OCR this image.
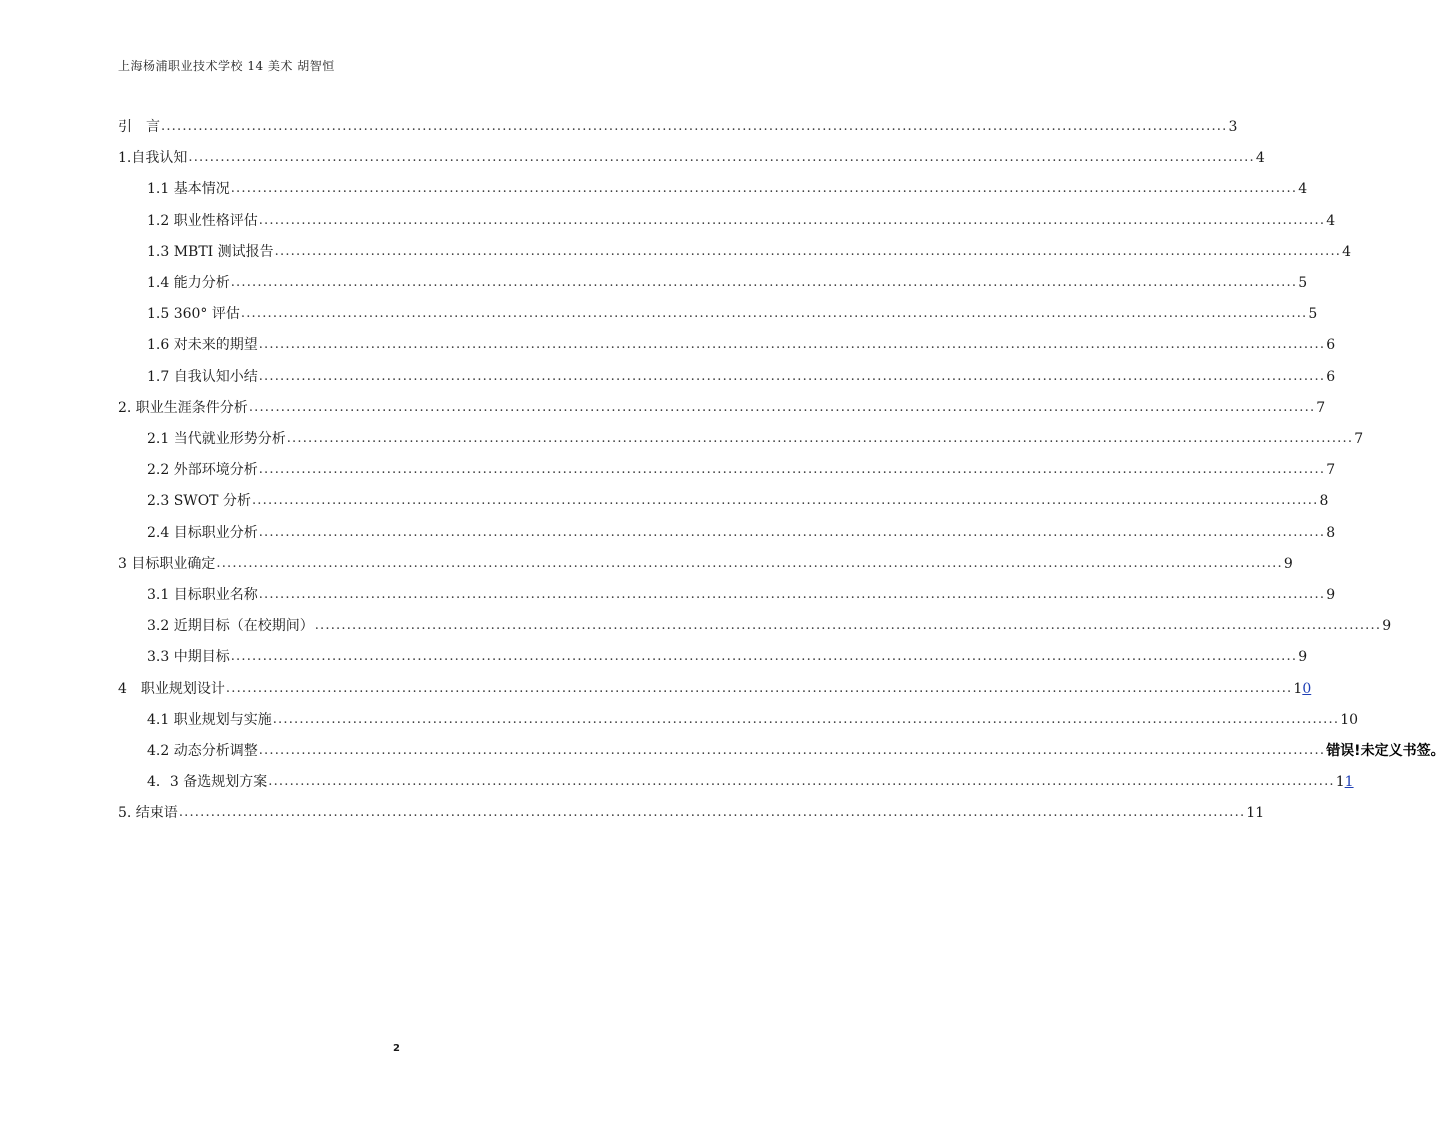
上海杨浦职业技术学校 14 美术 胡智恒
引　言 ........................................................................................................................................................................................................ 3
1.自我认知 ........................................................................................................................................................................................................ 4
1.1 基本情况 ........................................................................................................................................................................................................ 4
1.2 职业性格评估 ........................................................................................................................................................................................................ 4
1.3 MBTI 测试报告 ........................................................................................................................................................................................................ 4
1.4 能力分析 ........................................................................................................................................................................................................ 5
1.5 360° 评估 ........................................................................................................................................................................................................ 5
1.6 对未来的期望 ........................................................................................................................................................................................................ 6
1.7 自我认知小结 ........................................................................................................................................................................................................ 6
2. 职业生涯条件分析 ........................................................................................................................................................................................................ 7
2.1 当代就业形势分析 ........................................................................................................................................................................................................ 7
2.2 外部环境分析 ........................................................................................................................................................................................................ 7
2.3 SWOT 分析 ........................................................................................................................................................................................................ 8
2.4 目标职业分析 ........................................................................................................................................................................................................ 8
3 目标职业确定 ........................................................................................................................................................................................................ 9
3.1 目标职业名称 ........................................................................................................................................................................................................ 9
3.2 近期目标（在校期间） ........................................................................................................................................................................................................ 9
3.3 中期目标 ........................................................................................................................................................................................................ 9
4　职业规划设计 ........................................................................................................................................................................................................ 10
4.1 职业规划与实施 ........................................................................................................................................................................................................ 10
4.2 动态分析调整 ........................................................................................................................................................................................................ 错误!未定义书签。
4．3 备选规划方案 ........................................................................................................................................................................................................ 11
5. 结束语 ........................................................................................................................................................................................................ 11
2
